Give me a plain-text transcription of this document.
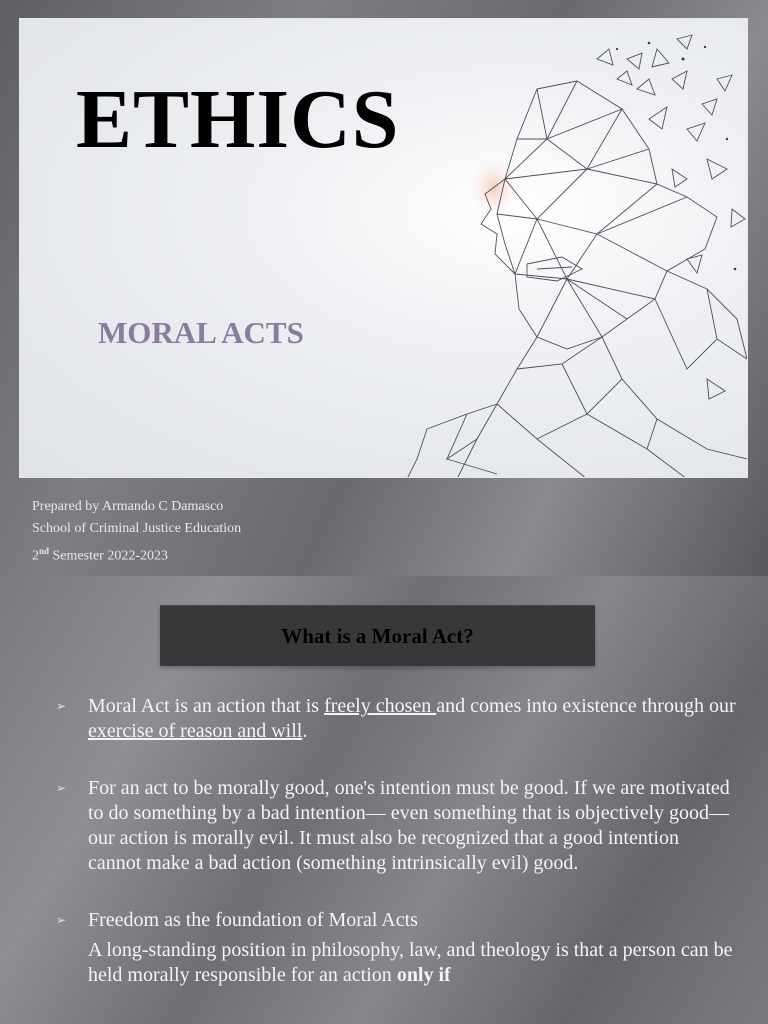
ETHICS
MORAL ACTS
Prepared by Armando C Damasco
School of Criminal Justice Education
2nd Semester 2022-2023
What is a Moral Act?
➢ Moral Act is an action that is freely chosen and comes into existence through our exercise of reason and will.
➢ For an act to be morally good, one's intention must be good. If we are motivated to do something by a bad intention— even something that is objectively good—our action is morally evil. It must also be recognized that a good intention cannot make a bad action (something intrinsically evil) good.
➢ Freedom as the foundation of Moral Acts
A long-standing position in philosophy, law, and theology is that a person can be held morally responsible for an action only if
